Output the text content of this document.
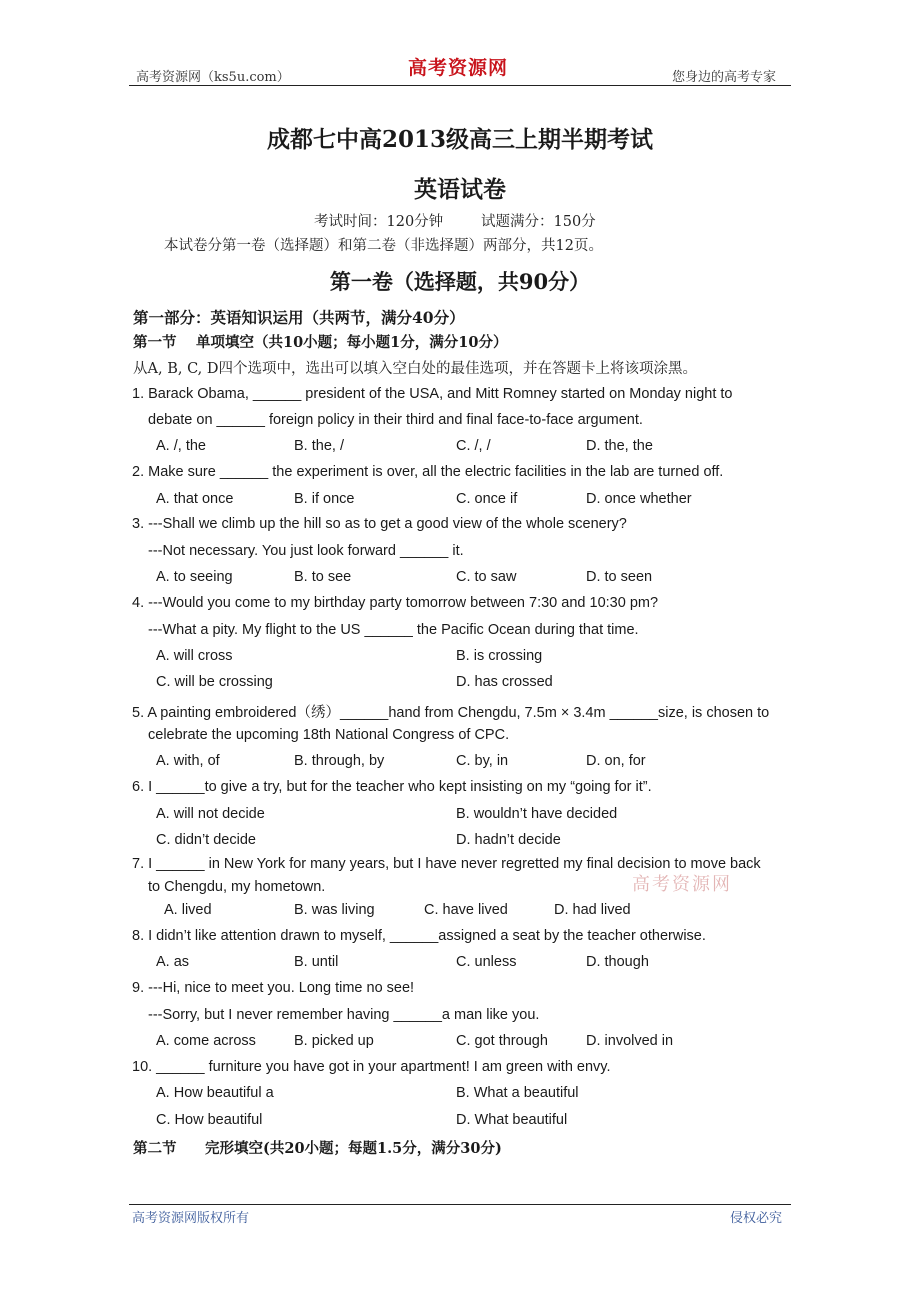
高考资源网（ks5u.com）	高考资源网	您身边的高考专家
成都七中高2013级高三上期半期考试
英语试卷
考试时间：120分钟	试题满分：150分
本试卷分第一卷（选择题）和第二卷（非选择题）两部分，共12页。
第一卷（选择题，共90分）
第一部分：英语知识运用（共两节，满分40分）
第一节 单项填空（共10小题；每小题1分，满分10分）
从A, B, C, D四个选项中，选出可以填入空白处的最佳选项，并在答题卡上将该项涂黑。
1. Barack Obama, ______ president of the USA, and Mitt Romney started on Monday night to
debate on ______ foreign policy in their third and final face-to-face argument.
A. /, the	B. the, /	C. /, /	D. the, the
2. Make sure ______ the experiment is over, all the electric facilities in the lab are turned off.
A. that once	B. if once	C. once if	D. once whether
3. ---Shall we climb up the hill so as to get a good view of the whole scenery?
---Not necessary. You just look forward ______ it.
A. to seeing	B. to see	C. to saw	D. to seen
4. ---Would you come to my birthday party tomorrow between 7:30 and 10:30 pm?
---What a pity. My flight to the US ______ the Pacific Ocean during that time.
A. will cross	B. is crossing
C. will be crossing	D. has crossed
5. A painting embroidered（绣）______hand from Chengdu, 7.5m × 3.4m ______size, is chosen to
celebrate the upcoming 18th National Congress of CPC.
A. with, of	B. through, by	C. by, in	D. on, for
6. I ______to give a try, but for the teacher who kept insisting on my “going for it”.
A. will not decide	B. wouldn’t have decided
C. didn’t decide	D. hadn’t decide
7. I ______ in New York for many years, but I have never regretted my final decision to move back
高考资源网
to Chengdu, my hometown.
A. lived	B. was living	C. have lived	D. had lived
8. I didn’t like attention drawn to myself, ______assigned a seat by the teacher otherwise.
A. as	B. until	C. unless	D. though
9. ---Hi, nice to meet you. Long time no see!
---Sorry, but I never remember having ______a man like you.
A. come across	B. picked up	C. got through	D. involved in
10. ______ furniture you have got in your apartment! I am green with envy.
A. How beautiful a	B. What a beautiful
C. How beautiful	D. What beautiful
第二节 完形填空(共20小题；每题1.5分，满分30分)
高考资源网版权所有	侵权必究
